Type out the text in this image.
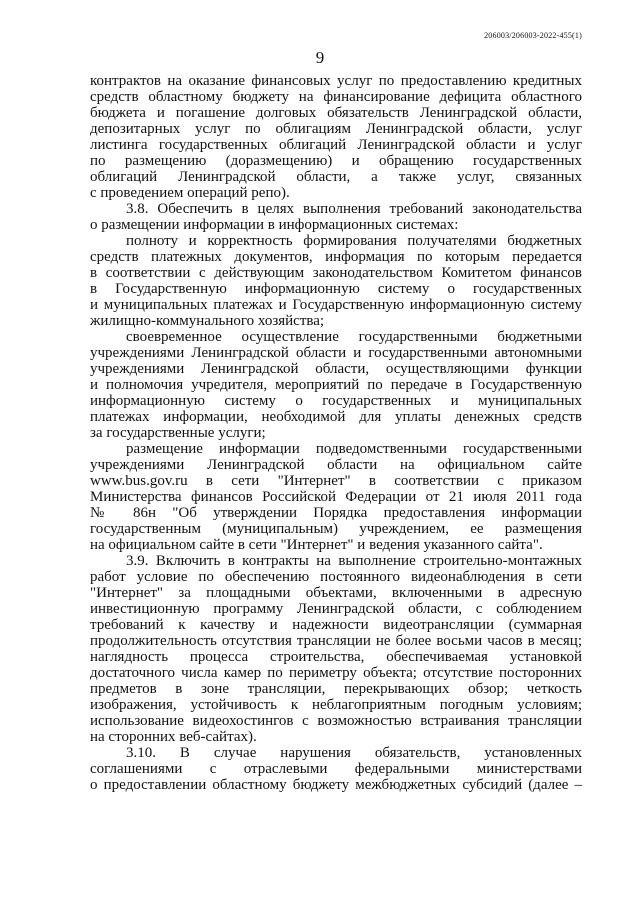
206003/206003-2022-455(1)
9
контрактов на оказание финансовых услуг по предоставлению кредитных
средств областному бюджету на финансирование дефицита областного
бюджета и погашение долговых обязательств Ленинградской области,
депозитарных услуг по облигациям Ленинградской области, услуг
листинга государственных облигаций Ленинградской области и услуг
по размещению (доразмещению) и обращению государственных
облигаций Ленинградской области, а также услуг, связанных
с проведением операций репо).
3.8. Обеспечить в целях выполнения требований законодательства
о размещении информации в информационных системах:
полноту и корректность формирования получателями бюджетных
средств платежных документов, информация по которым передается
в соответствии с действующим законодательством Комитетом финансов
в Государственную информационную систему о государственных
и муниципальных платежах и Государственную информационную систему
жилищно-коммунального хозяйства;
своевременное осуществление государственными бюджетными
учреждениями Ленинградской области и государственными автономными
учреждениями Ленинградской области, осуществляющими функции
и полномочия учредителя, мероприятий по передаче в Государственную
информационную систему о государственных и муниципальных
платежах информации, необходимой для уплаты денежных средств
за государственные услуги;
размещение информации подведомственными государственными
учреждениями Ленинградской области на официальном сайте
www.bus.gov.ru в сети "Интернет" в соответствии с приказом
Министерства финансов Российской Федерации от 21 июля 2011 года
№ 86н "Об утверждении Порядка предоставления информации
государственным (муниципальным) учреждением, ее размещения
на официальном сайте в сети "Интернет" и ведения указанного сайта".
3.9. Включить в контракты на выполнение строительно-монтажных
работ условие по обеспечению постоянного видеонаблюдения в сети
"Интернет" за площадными объектами, включенными в адресную
инвестиционную программу Ленинградской области, с соблюдением
требований к качеству и надежности видеотрансляции (суммарная
продолжительность отсутствия трансляции не более восьми часов в месяц;
наглядность процесса строительства, обеспечиваемая установкой
достаточного числа камер по периметру объекта; отсутствие посторонних
предметов в зоне трансляции, перекрывающих обзор; четкость
изображения, устойчивость к неблагоприятным погодным условиям;
использование видеохостингов с возможностью встраивания трансляции
на сторонних веб-сайтах).
3.10. В случае нарушения обязательств, установленных
соглашениями с отраслевыми федеральными министерствами
о предоставлении областному бюджету межбюджетных субсидий (далее –
